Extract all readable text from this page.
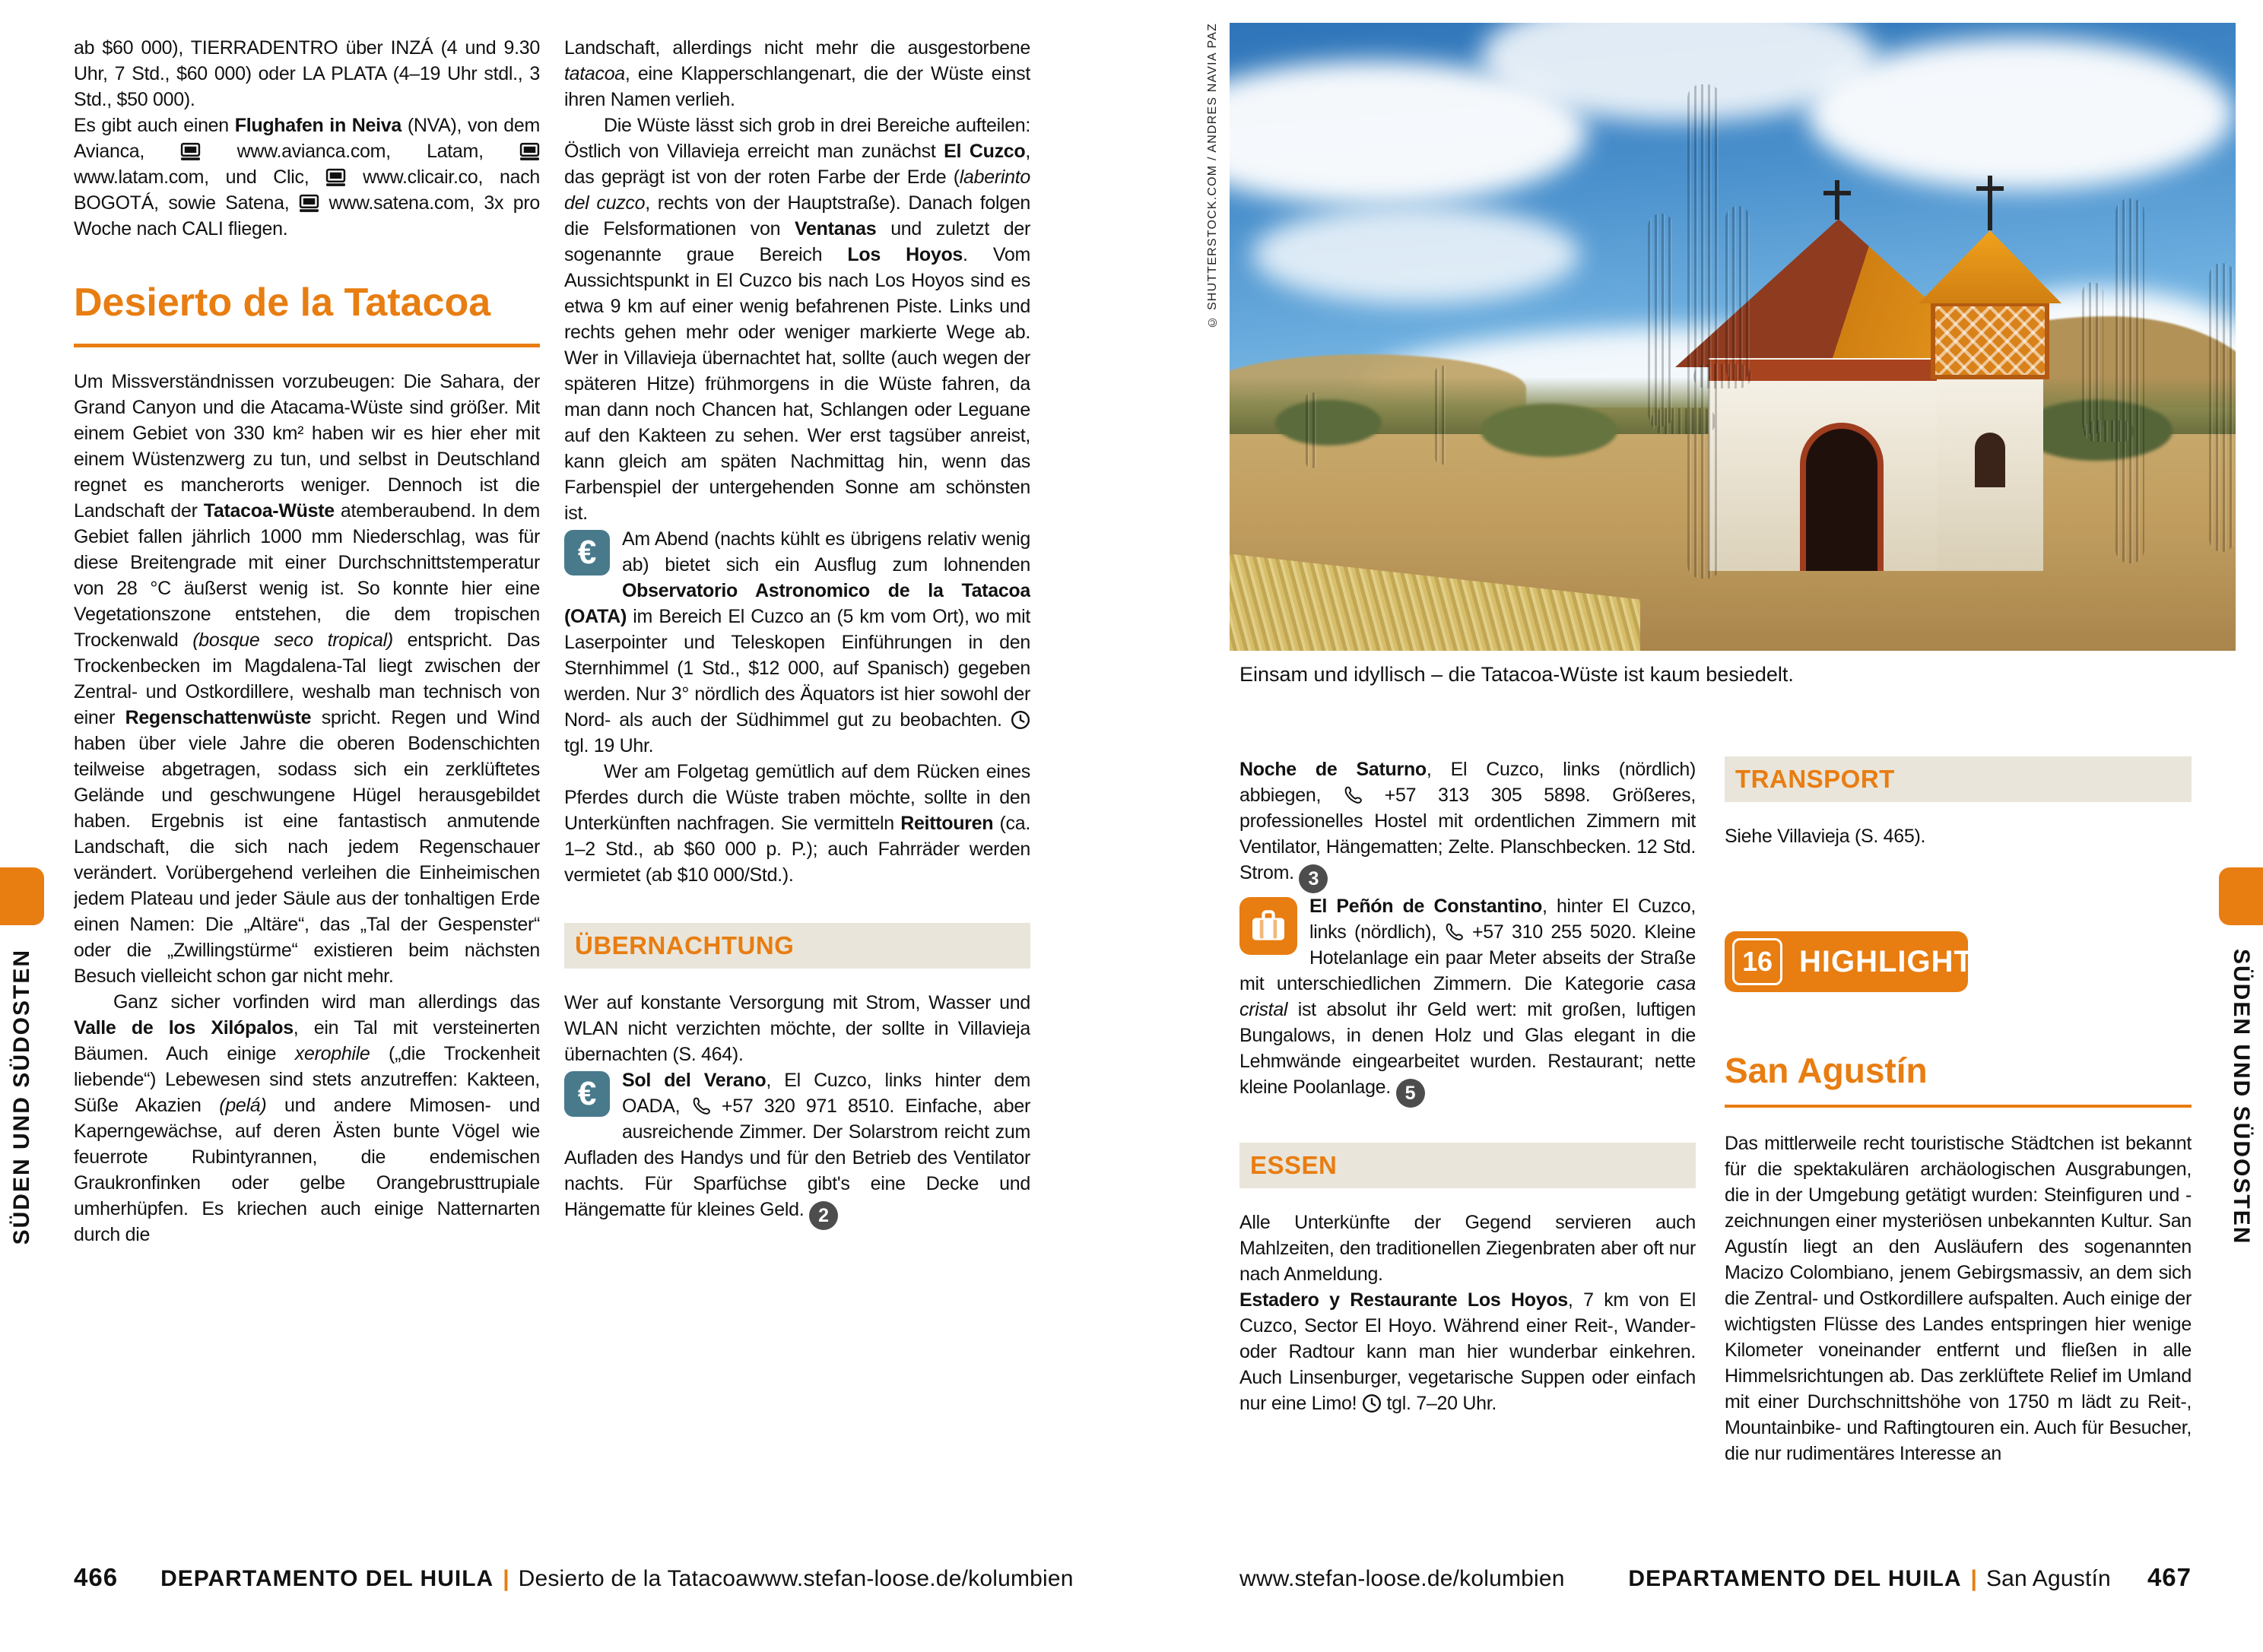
© SHUTTERSTOCK.COM / ANDRES NAVIA PAZ
Einsam und idyllisch – die Tatacoa-Wüste ist kaum besiedelt.

ab $60 000), TIERRADENTRO über INZÁ (4 und 9.30 Uhr, 7 Std., $60 000) oder LA PLATA (4–19 Uhr stdl., 3 Std., $50 000).

Es gibt auch einen Flughafen in Neiva (NVA), von dem Avianca,  www.avianca.com, Latam,  www.latam.com, und Clic,  www.clicair.co, nach BOGOTÁ, sowie Satena,  www.satena.com, 3x pro Woche nach CALI fliegen.

Desierto de la Tatacoa

Um Missverständnissen vorzubeugen: Die Sahara, der Grand Canyon und die Atacama-Wüste sind größer. Mit einem Gebiet von 330 km² haben wir es hier eher mit einem Wüstenzwerg zu tun, und selbst in Deutschland regnet es mancherorts weniger. Dennoch ist die Landschaft der Tatacoa-Wüste atemberaubend. In dem Gebiet fallen jährlich 1000 mm Niederschlag, was für diese Breitengrade mit einer Durchschnittstemperatur von 28 °C äußerst wenig ist. So konnte hier eine Vegetationszone entstehen, die dem tropischen Trockenwald (bosque seco tropical) entspricht. Das Trockenbecken im Magdalena-Tal liegt zwischen der Zentral- und Ostkordillere, weshalb man technisch von einer Regenschattenwüste spricht. Regen und Wind haben über viele Jahre die oberen Bodenschichten teilweise abgetragen, sodass sich ein zerklüftetes Gelände und geschwungene Hügel herausgebildet haben. Ergebnis ist eine fantastisch anmutende Landschaft, die sich nach jedem Regenschauer verändert. Vorübergehend verleihen die Einheimischen jedem Plateau und jeder Säule aus der tonhaltigen Erde einen Namen: Die „Altäre“, das „Tal der Gespenster“ oder die „Zwillingstürme“ existieren beim nächsten Besuch vielleicht schon gar nicht mehr.

Ganz sicher vorfinden wird man allerdings das Valle de los Xilópalos, ein Tal mit versteinerten Bäumen. Auch einige xerophile („die Trockenheit liebende“) Lebewesen sind stets anzutreffen: Kakteen, Süße Akazien (pelá) und andere Mimosen- und Kaperngewächse, auf deren Ästen bunte Vögel wie feuerrote Rubintyrannen, die endemischen Graukronfinken oder gelbe Orangebrusttrupiale umherhüpfen. Es kriechen auch einige Natternarten durch die

Landschaft, allerdings nicht mehr die ausgestorbene tatacoa, eine Klapperschlangenart, die der Wüste einst ihren Namen verlieh.

Die Wüste lässt sich grob in drei Bereiche aufteilen: Östlich von Villavieja erreicht man zunächst El Cuzco, das geprägt ist von der roten Farbe der Erde (laberinto del cuzco, rechts von der Hauptstraße). Danach folgen die Felsformationen von Ventanas und zuletzt der sogenannte graue Bereich Los Hoyos. Vom Aussichtspunkt in El Cuzco bis nach Los Hoyos sind es etwa 9 km auf einer wenig befahrenen Piste. Links und rechts gehen mehr oder weniger markierte Wege ab. Wer in Villavieja übernachtet hat, sollte (auch wegen der späteren Hitze) frühmorgens in die Wüste fahren, da man dann noch Chancen hat, Schlangen oder Leguane auf den Kakteen zu sehen. Wer erst tagsüber anreist, kann gleich am späten Nachmittag hin, wenn das Farbenspiel der untergehenden Sonne am schönsten ist.

€	Am Abend (nachts kühlt es übrigens relativ wenig ab) bietet sich ein Ausflug zum lohnenden Observatorio Astronomico de la Tatacoa (OATA) im Bereich El Cuzco an (5 km vom Ort), wo mit Laserpointer und Teleskopen Einführungen in den Sternhimmel (1 Std., $12 000, auf Spanisch) gegeben werden. Nur 3° nördlich des Äquators ist hier sowohl der Nord- als auch der Südhimmel gut zu beobachten.  tgl. 19 Uhr.

Wer am Folgetag gemütlich auf dem Rücken eines Pferdes durch die Wüste traben möchte, sollte in den Unterkünften nachfragen. Sie vermitteln Reittouren (ca. 1–2 Std., ab $60 000 p. P.); auch Fahrräder werden vermietet (ab $10 000/Std.).

ÜBERNACHTUNG

Wer auf konstante Versorgung mit Strom, Wasser und WLAN nicht verzichten möchte, der sollte in Villavieja übernachten (S. 464).

€	Sol del Verano, El Cuzco, links hinter dem OADA,  +57 320 971 8510. Einfache, aber ausreichende Zimmer. Der Solarstrom reicht zum Aufladen des Handys und für den Betrieb des Ventilator nachts. Für Sparfüchse gibt's eine Decke und Hängematte für kleines Geld. 2

Noche de Saturno, El Cuzco, links (nördlich) abbiegen,  +57 313 305 5898. Größeres, professionelles Hostel mit ordentlichen Zimmern mit Ventilator, Hängematten; Zelte. Planschbecken. 12 Std. Strom. 3

El Peñón de Constantino, hinter El Cuzco, links (nördlich),  +57 310 255 5020. Kleine Hotelanlage ein paar Meter abseits der Straße mit unterschiedlichen Zimmern. Die Kategorie casa cristal ist absolut ihr Geld wert: mit großen, luftigen Bungalows, in denen Holz und Glas elegant in die Lehmwände eingearbeitet wurden. Restaurant; nette kleine Poolanlage. 5

ESSEN

Alle Unterkünfte der Gegend servieren auch Mahlzeiten, den traditionellen Ziegenbraten aber oft nur nach Anmeldung.

Estadero y Restaurante Los Hoyos, 7 km von El Cuzco, Sector El Hoyo. Während einer Reit-, Wander- oder Radtour kann man hier wunderbar einkehren. Auch Linsenburger, vegetarische Suppen oder einfach nur eine Limo!  tgl. 7–20 Uhr.

TRANSPORT

Siehe Villavieja (S. 465).

16 HIGHLIGHT
San Agustín

Das mittlerweile recht touristische Städtchen ist bekannt für die spektakulären archäologischen Ausgrabungen, die in der Umgebung getätigt wurden: Steinfiguren und -zeichnungen einer mysteriösen unbekannten Kultur. San Agustín liegt an den Ausläufern des sogenannten Macizo Colombiano, jenem Gebirgsmassiv, an dem sich die Zentral- und Ostkordillere aufspalten. Auch einige der wichtigsten Flüsse des Landes entspringen hier wenige Kilometer voneinander entfernt und fließen in alle Himmelsrichtungen ab. Das zerklüftete Relief im Umland mit einer Durchschnittshöhe von 1750 m lädt zu Reit-, Mountainbike- und Raftingtouren ein. Auch für Besucher, die nur rudimentäres Interesse an

SÜDEN UND SÜDOSTEN	SÜDEN UND SÜDOSTEN
466 DEPARTAMENTO DEL HUILA | Desierto de la Tatacoa www.stefan-loose.de/kolumbien	www.stefan-loose.de/kolumbien	DEPARTAMENTO DEL HUILA | San Agustín 467
